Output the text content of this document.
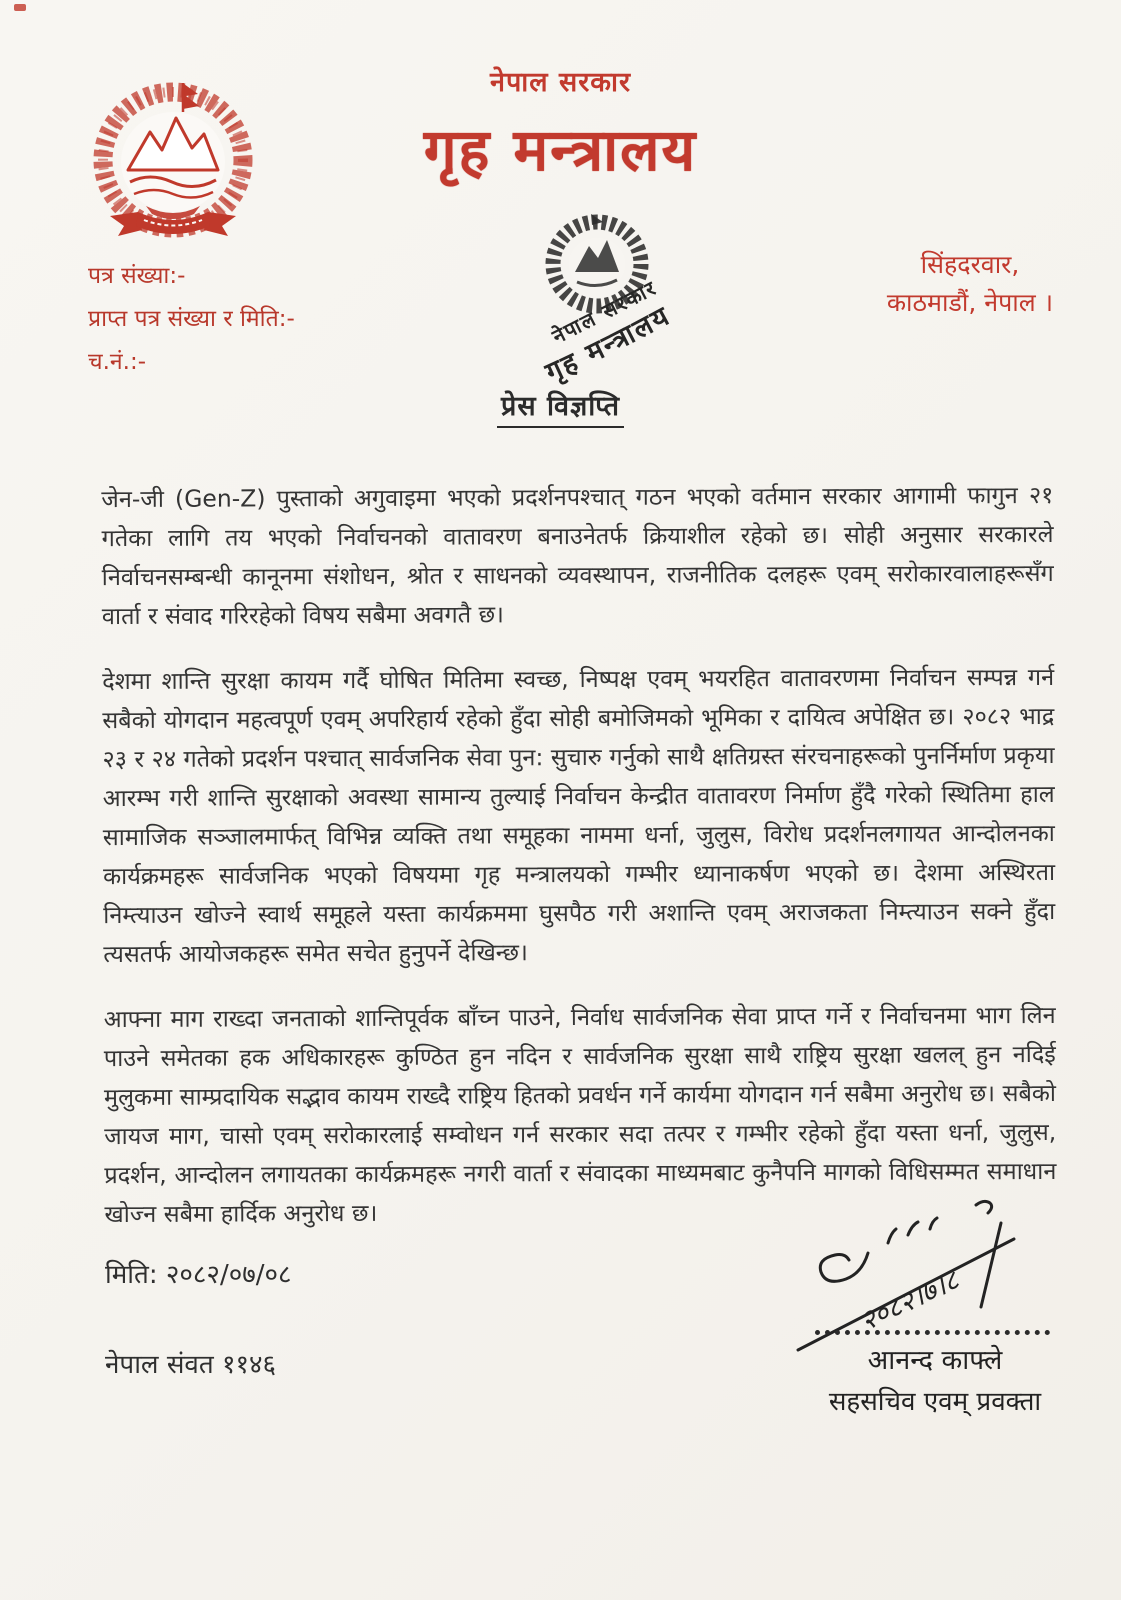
नेपाल सरकार
गृह मन्त्रालय
पत्र संख्या:-
प्राप्त पत्र संख्या र मिति:-
च.नं.:-
सिंहदरवार,
काठमाडौं, नेपाल ।
नेपाल सरकार
गृह मन्त्रालय
प्रेस विज्ञप्ति

जेन-जी (Gen-Z) पुस्ताको अगुवाइमा भएको प्रदर्शनपश्चात् गठन भएको वर्तमान सरकार आगामी फागुन २१ गतेका लागि तय भएको निर्वाचनको वातावरण बनाउनेतर्फ क्रियाशील रहेको छ। सोही अनुसार सरकारले निर्वाचनसम्बन्धी कानूनमा संशोधन, श्रोत र साधनको व्यवस्थापन, राजनीतिक दलहरू एवम् सरोकारवालाहरूसँग वार्ता र संवाद गरिरहेको विषय सबैमा अवगतै छ।

देशमा शान्ति सुरक्षा कायम गर्दै घोषित मितिमा स्वच्छ, निष्पक्ष एवम् भयरहित वातावरणमा निर्वाचन सम्पन्न गर्न सबैको योगदान महत्वपूर्ण एवम् अपरिहार्य रहेको हुँदा सोही बमोजिमको भूमिका र दायित्व अपेक्षित छ। २०८२ भाद्र २३ र २४ गतेको प्रदर्शन पश्चात् सार्वजनिक सेवा पुन: सुचारु गर्नुको साथै क्षतिग्रस्त संरचनाहरूको पुनर्निर्माण प्रकृया आरम्भ गरी शान्ति सुरक्षाको अवस्था सामान्य तुल्याई निर्वाचन केन्द्रीत वातावरण निर्माण हुँदै गरेको स्थितिमा हाल सामाजिक सञ्जालमार्फत् विभिन्न व्यक्ति तथा समूहका नाममा धर्ना, जुलुस, विरोध प्रदर्शनलगायत आन्दोलनका कार्यक्रमहरू सार्वजनिक भएको विषयमा गृह मन्त्रालयको गम्भीर ध्यानाकर्षण भएको छ। देशमा अस्थिरता निम्त्याउन खोज्ने स्वार्थ समूहले यस्ता कार्यक्रममा घुसपैठ गरी अशान्ति एवम् अराजकता निम्त्याउन सक्ने हुँदा त्यसतर्फ आयोजकहरू समेत सचेत हुनुपर्ने देखिन्छ।

आफ्ना माग राख्दा जनताको शान्तिपूर्वक बाँच्न पाउने, निर्वाध सार्वजनिक सेवा प्राप्त गर्ने र निर्वाचनमा भाग लिन पाउने समेतका हक अधिकारहरू कुण्ठित हुन नदिन र सार्वजनिक सुरक्षा साथै राष्ट्रिय सुरक्षा खलल् हुन नदिई मुलुकमा साम्प्रदायिक सद्भाव कायम राख्दै राष्ट्रिय हितको प्रवर्धन गर्ने कार्यमा योगदान गर्न सबैमा अनुरोध छ। सबैको जायज माग, चासो एवम् सरोकारलाई सम्वोधन गर्न सरकार सदा तत्पर र गम्भीर रहेको हुँदा यस्ता धर्ना, जुलुस, प्रदर्शन, आन्दोलन लगायतका कार्यक्रमहरू नगरी वार्ता र संवादका माध्यमबाट कुनैपनि मागको विधिसम्मत समाधान खोज्न सबैमा हार्दिक अनुरोध छ।

मिति: २०८२/०७/०८
नेपाल संवत ११४६
२०८२।७।८
आनन्द काफ्ले
सहसचिव एवम् प्रवक्ता
